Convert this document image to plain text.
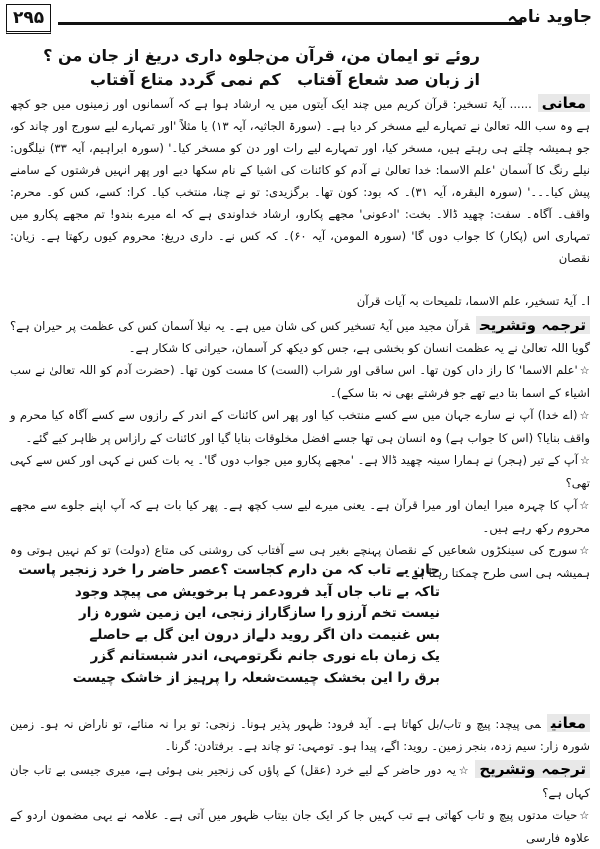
جاوید نامہ
۲۹۵
روئے تو ایمان من، قرآن من
جلوہ داری دریغ از جان من ؟
از زبان صد شعاع آفتاب
کم نمی گردد متاع آفتاب

معانی...... آیۂ تسخیر: قرآن کریم میں چند ایک آیتوں میں یہ ارشاد ہوا ہے کہ آسمانوں اور زمینوں میں جو کچھ ہے وہ سب اللہ تعالیٰ نے تمہارے لیے مسخر کر دیا ہے۔ (سورۃ الجاثیہ، آیہ ۱۳) یا مثلاً 'اور تمہارے لیے سورج اور چاند کو، جو ہمیشہ چلتے ہی رہتے ہیں، مسخر کیا، اور تمہارے لیے رات اور دن کو مسخر کیا۔' (سورہ ابراہیم، آیہ ۳۳) نیلگوں: نیلے رنگ کا آسمان 'علم الاسما: خدا تعالیٰ نے آدم کو کائنات کی اشیا کے نام سکھا دیے اور پھر انہیں فرشتوں کے سامنے پیش کیا۔۔۔' (سورہ البقرہ، آیہ ۳۱)۔ کہ بود: کون تھا۔ برگزیدی: تو نے چنا، منتخب کیا۔ کرا: کسے، کس کو۔ محرم: واقف۔ آگاہ۔ سفت: چھید ڈالا۔ بخت: 'ادعونی' مجھے پکارو، ارشاد خداوندی ہے کہ اے میرے بندو! تم مجھے پکارو میں تمہاری اس (پکار) کا جواب دوں گا' (سورہ المومن، آیہ ۶۰)۔ کہ کس نے۔ داری دریغ: محروم کیوں رکھتا ہے۔ زیان: نقصان

ا۔ آیۂ تسخیر، علم الاسما، تلمیحات بہ آیات قرآن

ترجمہ وتشریحقرآن مجید میں آیۂ تسخیر کس کی شان میں ہے۔ یہ نیلا آسمان کس کی عظمت پر حیران ہے؟ گویا اللہ تعالیٰ نے یہ عظمت انسان کو بخشی ہے، جس کو دیکھ کر آسمان، حیرانی کا شکار ہے۔

☆'علم الاسما' کا راز داں کون تھا۔ اس ساقی اور شراب (الست) کا مست کون تھا۔ (حضرت آدم کو اللہ تعالیٰ نے سب اشیاء کے اسما بتا دیے تھے جو فرشتے بھی نہ بتا سکے)۔

☆(اے خدا) آپ نے سارے جہان میں سے کسے منتخب کیا اور پھر اس کائنات کے اندر کے رازوں سے کسے آگاہ کیا محرم و واقف بنایا؟ (اس کا جواب ہے) وہ انسان ہی تھا جسے افضل مخلوقات بنایا گیا اور کائنات کے رازاس پر ظاہر کیے گئے۔

☆آپ کے تیر (ہجر) نے ہمارا سینہ چھید ڈالا ہے۔ 'مجھے پکارو میں جواب دوں گا'۔ یہ بات کس نے کہی اور کس سے کہی تھی؟

☆آپ کا چہرہ میرا ایمان اور میرا قرآن ہے۔ یعنی میرے لیے سب کچھ ہے۔ پھر کیا بات ہے کہ آپ اپنے جلوے سے مجھے محروم رکھ رہے ہیں۔

☆سورج کی سینکڑوں شعاعیں کے نقصان پہنچے بغیر ہی سے آفتاب کی روشنی کی متاع (دولت) تو کم نہیں ہوتی وہ ہمیشہ ہی اسی طرح چمکتا رہتا ہے۔

جان بے تاب کہ من دارم کجاست ؟
عصر حاضر را خرد زنجیر پاست
تاکہ بے تاب جاں آید فرود
عمر ہا برخویش می پیچد وجود
نیست تخم آرزو را سازگار
از زنجی، این زمین شورہ زار
بس غنیمت دان اگر روید دلے
از درون این گل بے حاصلے
یک زمان باے نوری جانم نگر
تومہی، اندر شبستانم گزر
برق را این بخشک چیست
شعلہ را پرہیز از خاشک چیست

معانیمی پیچد: پیچ و تاب/بل کھاتا ہے۔ آید فرود: ظہور پذیر ہونا۔ زنجی: تو برا نہ منائے، تو ناراض نہ ہو۔ زمین شورہ زار: سیم زدہ، بنجر زمین۔ روید: اگے، پیدا ہو۔ تومہی: تو چاند ہے۔ برفتادن: گرنا۔

ترجمہ وتشریح☆یہ دور حاضر کے لیے خرد (عقل) کے پاؤں کی زنجیر بنی ہوئی ہے، میری جیسی بے تاب جان کہاں ہے؟

☆حیات مدتوں پیچ و تاب کھاتی ہے تب کہیں جا کر ایک جان بیتاب ظہور میں آتی ہے۔ علامہ نے یہی مضمون اردو کے علاوہ فارسی
